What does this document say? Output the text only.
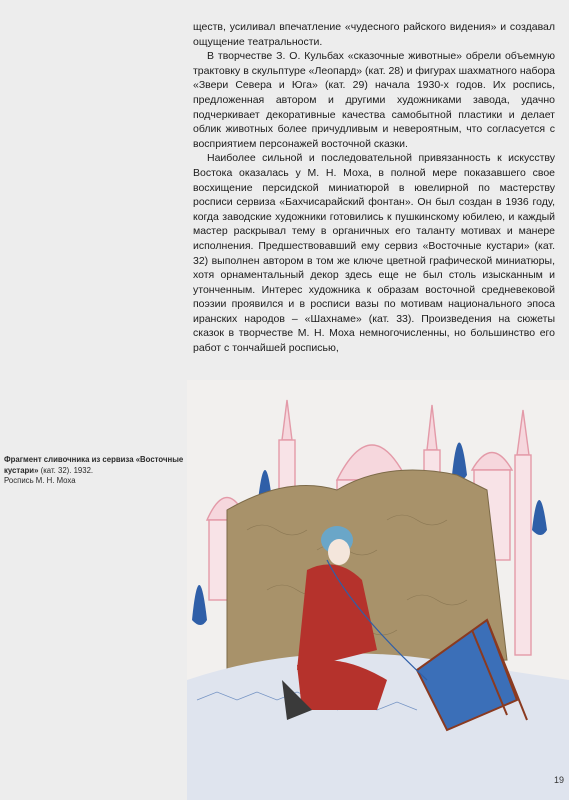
ществ, усиливал впечатление «чудесного райского видения» и создавал ощущение театральности.

В творчестве З. О. Кульбах «сказочные животные» обрели объемную трактовку в скульптуре «Леопард» (кат. 28) и фигурах шахматного набора «Звери Севера и Юга» (кат. 29) начала 1930-х годов. Их роспись, предложенная автором и другими художниками завода, удачно подчеркивает декоративные качества самобытной пластики и делает облик животных более причудливым и невероятным, что согласуется с восприятием персонажей восточной сказки.

Наиболее сильной и последовательной привязанность к искусству Востока оказалась у М. Н. Моха, в полной мере показавшего свое восхищение персидской миниатюрой в ювелирной по мастерству росписи сервиза «Бахчисарайский фонтан». Он был создан в 1936 году, когда заводские художники готовились к пушкинскому юбилею, и каждый мастер раскрывал тему в органичных его таланту мотивах и манере исполнения. Предшествовавший ему сервиз «Восточные кустари» (кат. 32) выполнен автором в том же ключе цветной графической миниатюры, хотя орнаментальный декор здесь еще не был столь изысканным и утонченным. Интерес художника к образам восточной средневековой поэзии проявился и в росписи вазы по мотивам национального эпоса иранских народов – «Шахнаме» (кат. 33). Произведения на сюжеты сказок в творчестве М. Н. Моха немногочисленны, но большинство его работ с тончайшей росписью,

Фрагмент сливочника из сервиза «Восточные кустари» (кат. 32). 1932.
Роспись М. Н. Моха
19
